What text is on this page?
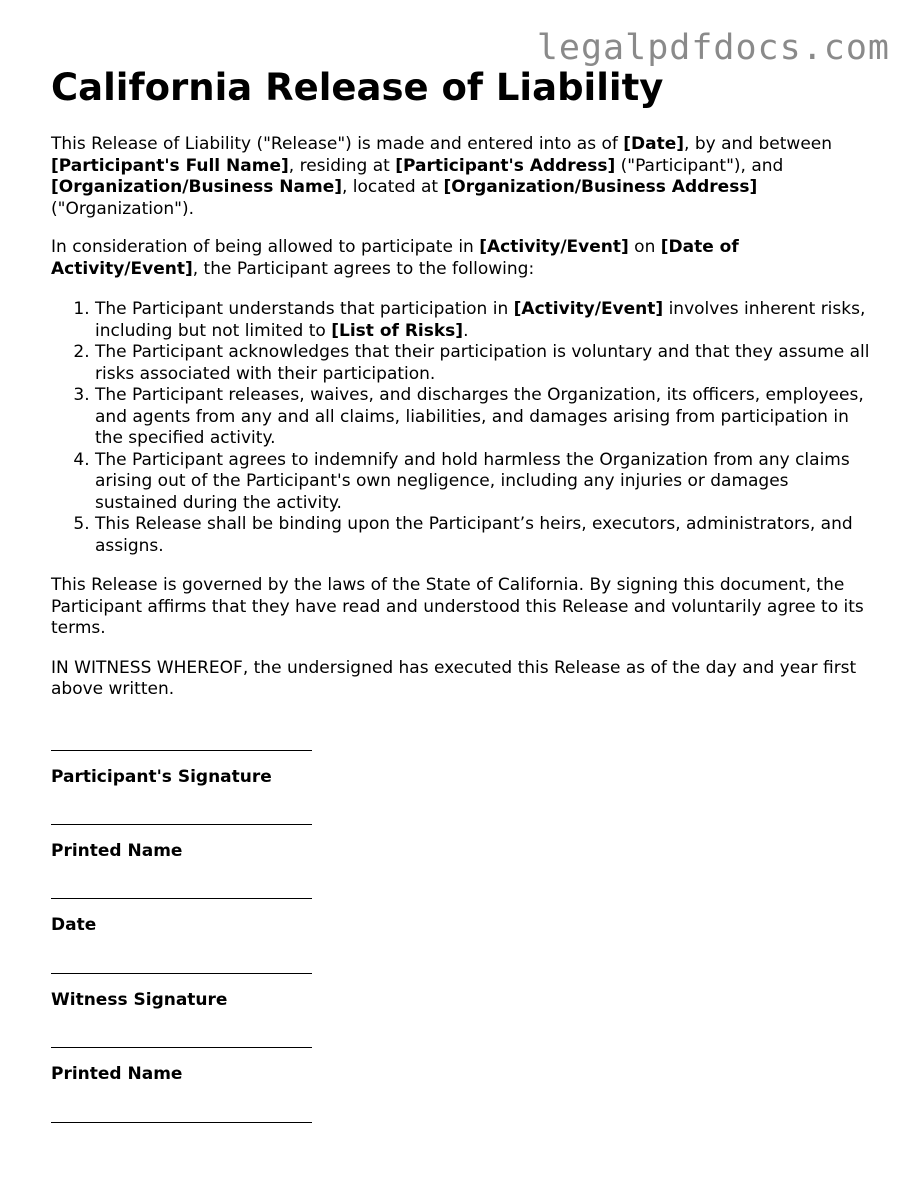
legalpdfdocs.com
California Release of Liability

This Release of Liability ("Release") is made and entered into as of [Date], by and between [Participant's Full Name], residing at [Participant's Address] ("Participant"), and [Organization/Business Name], located at [Organization/Business Address] ("Organization").

In consideration of being allowed to participate in [Activity/Event] on [Date of Activity/Event], the Participant agrees to the following:

1. The Participant understands that participation in [Activity/Event] involves inherent risks, including but not limited to [List of Risks].
2. The Participant acknowledges that their participation is voluntary and that they assume all risks associated with their participation.
3. The Participant releases, waives, and discharges the Organization, its officers, employees, and agents from any and all claims, liabilities, and damages arising from participation in the specified activity.
4. The Participant agrees to indemnify and hold harmless the Organization from any claims arising out of the Participant's own negligence, including any injuries or damages sustained during the activity.
5. This Release shall be binding upon the Participant’s heirs, executors, administrators, and assigns.

This Release is governed by the laws of the State of California. By signing this document, the Participant affirms that they have read and understood this Release and voluntarily agree to its terms.

IN WITNESS WHEREOF, the undersigned has executed this Release as of the day and year first above written.

Participant's Signature
Printed Name
Date
Witness Signature
Printed Name
